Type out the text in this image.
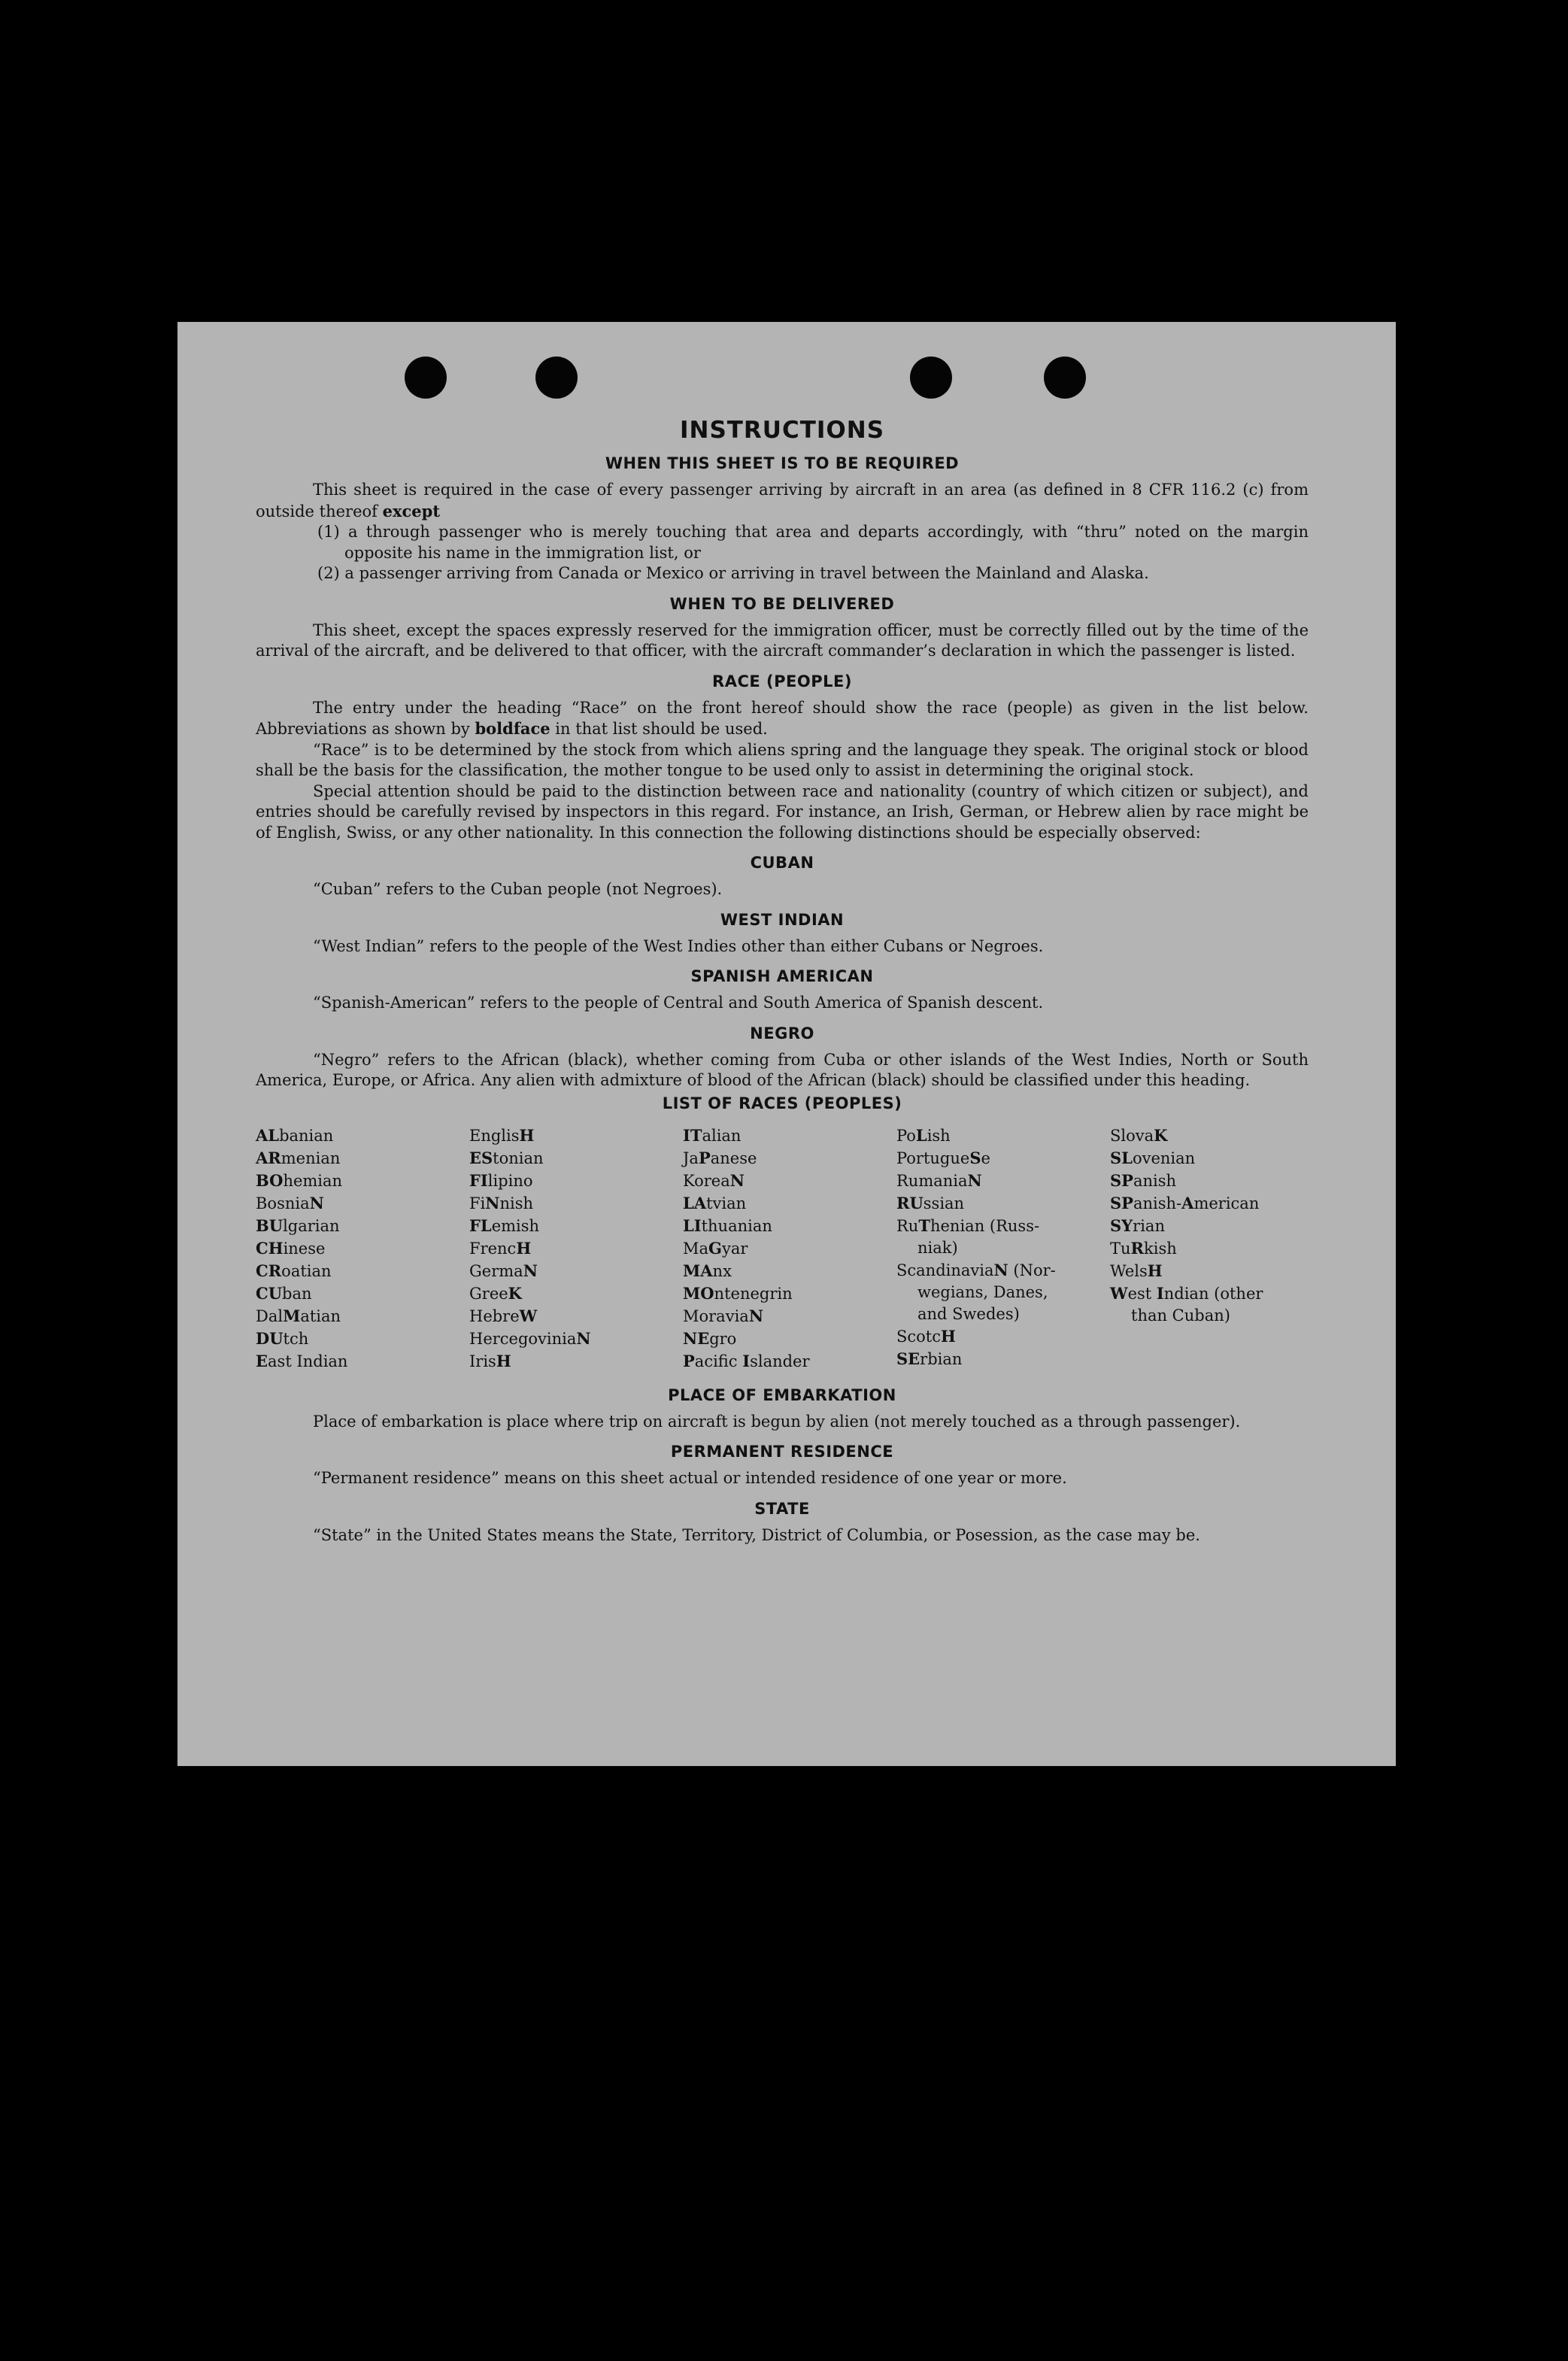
INSTRUCTIONS
WHEN THIS SHEET IS TO BE REQUIRED

This sheet is required in the case of every passenger arriving by aircraft in an area (as defined in 8 CFR 116.2 (c) from outside thereof except

(1) a through passenger who is merely touching that area and departs accordingly, with “thru” noted on the margin opposite his name in the immigration list, or

(2) a passenger arriving from Canada or Mexico or arriving in travel between the Mainland and Alaska.

WHEN TO BE DELIVERED

This sheet, except the spaces expressly reserved for the immigration officer, must be correctly filled out by the time of the arrival of the aircraft, and be delivered to that officer, with the aircraft commander’s declaration in which the passenger is listed.

RACE (PEOPLE)

The entry under the heading “Race” on the front hereof should show the race (people) as given in the list below. Abbreviations as shown by boldface in that list should be used.

“Race” is to be determined by the stock from which aliens spring and the language they speak. The original stock or blood shall be the basis for the classification, the mother tongue to be used only to assist in determining the original stock.

Special attention should be paid to the distinction between race and nationality (country of which citizen or subject), and entries should be carefully revised by inspectors in this regard. For instance, an Irish, German, or Hebrew alien by race might be of English, Swiss, or any other nationality. In this connection the following distinctions should be especially observed:

CUBAN
“Cuban” refers to the Cuban people (not Negroes).
WEST INDIAN
“West Indian” refers to the people of the West Indies other than either Cubans or Negroes.
SPANISH AMERICAN
“Spanish-American” refers to the people of Central and South America of Spanish descent.
NEGRO

“Negro” refers to the African (black), whether coming from Cuba or other islands of the West Indies, North or South America, Europe, or Africa. Any alien with admixture of blood of the African (black) should be classified under this heading.

LIST OF RACES (PEOPLES)
ALbanian
ARmenian
BOhemian
BosniaN
BUlgarian
CHinese
CRoatian
CUban
DalMatian
DUtch
East Indian
EnglisH
EStonian
FIlipino
FiNnish
FLemish
FrencH
GermaN
GreeK
HebreW
HercegoviniaN
IrisH
ITalian
JaPanese
KoreaN
LAtvian
LIthuanian
MaGyar
MAnx
MOntenegrin
MoraviaN
NEgro
Pacific Islander
PoLish
PortugueSe
RumaniaN
RUssian
RuThenian (Russ-
niak)
ScandinaviaN (Nor-
wegians, Danes,
and Swedes)
ScotcH
SErbian
SlovaK
SLovenian
SPanish
SPanish-American
SYrian
TuRkish
WelsH
West Indian (other
than Cuban)
PLACE OF EMBARKATION

Place of embarkation is place where trip on aircraft is begun by alien (not merely touched as a through passenger).

PERMANENT RESIDENCE
“Permanent residence” means on this sheet actual or intended residence of one year or more.
STATE

“State” in the United States means the State, Territory, District of Columbia, or Posession, as the case may be.
